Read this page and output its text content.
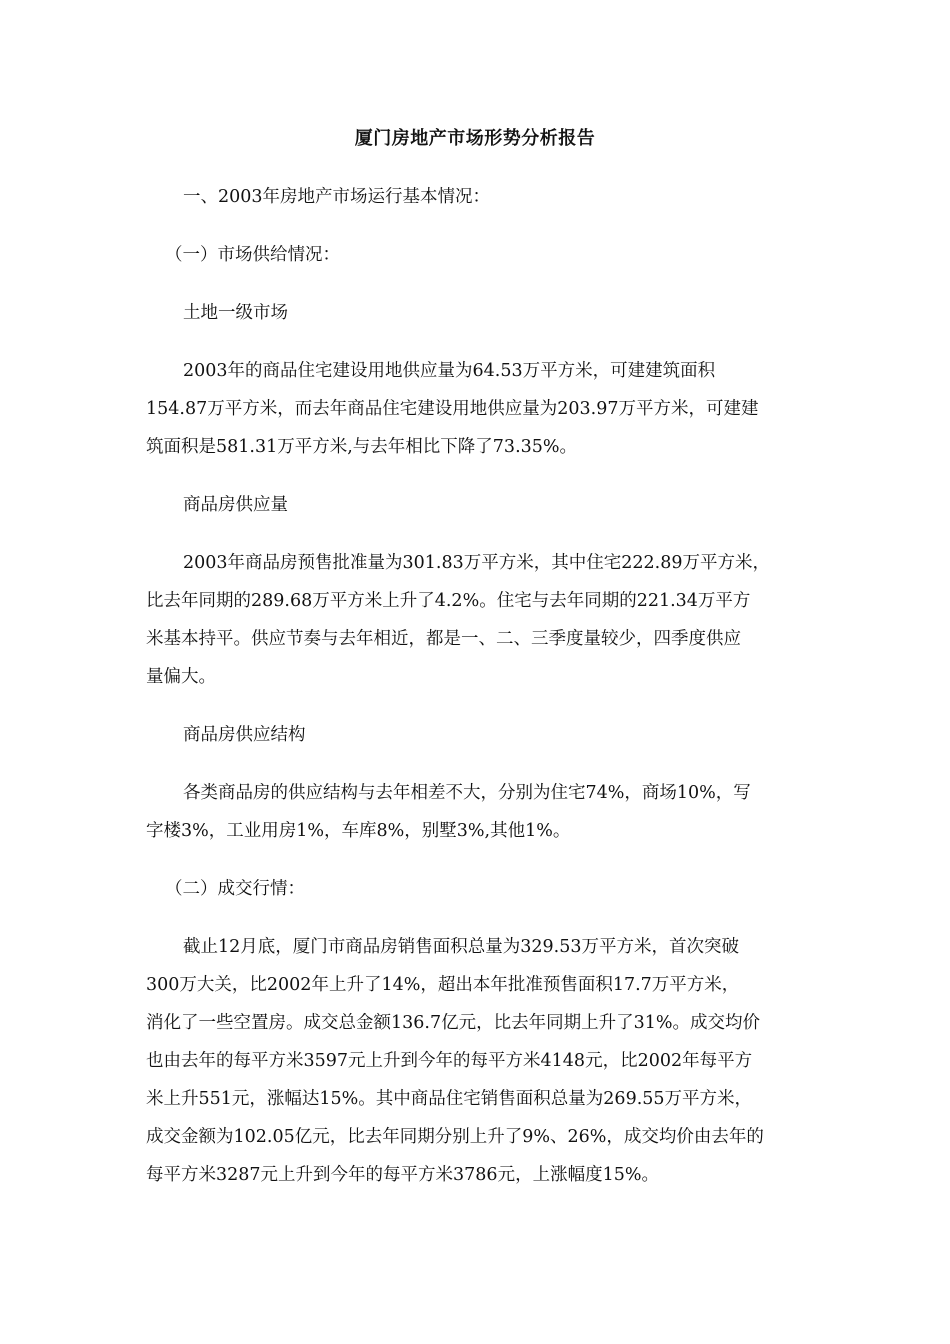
厦门房地产市场形势分析报告
一、2003年房地产市场运行基本情况：
（一）市场供给情况：
土地一级市场
2003年的商品住宅建设用地供应量为64.53万平方米，可建建筑面积
154.87万平方米，而去年商品住宅建设用地供应量为203.97万平方米，可建建
筑面积是581.31万平方米,与去年相比下降了73.35%。
商品房供应量
2003年商品房预售批准量为301.83万平方米，其中住宅222.89万平方米，
比去年同期的289.68万平方米上升了4.2%。住宅与去年同期的221.34万平方
米基本持平。供应节奏与去年相近，都是一、二、三季度量较少，四季度供应
量偏大。
商品房供应结构
各类商品房的供应结构与去年相差不大，分别为住宅74%，商场10%，写
字楼3%，工业用房1%，车库8%，别墅3%,其他1%。
（二）成交行情：
截止12月底，厦门市商品房销售面积总量为329.53万平方米，首次突破
300万大关，比2002年上升了14%，超出本年批准预售面积17.7万平方米，
消化了一些空置房。成交总金额136.7亿元，比去年同期上升了31%。成交均价
也由去年的每平方米3597元上升到今年的每平方米4148元，比2002年每平方
米上升551元，涨幅达15%。其中商品住宅销售面积总量为269.55万平方米，
成交金额为102.05亿元，比去年同期分别上升了9%、26%，成交均价由去年的
每平方米3287元上升到今年的每平方米3786元，上涨幅度15%。
